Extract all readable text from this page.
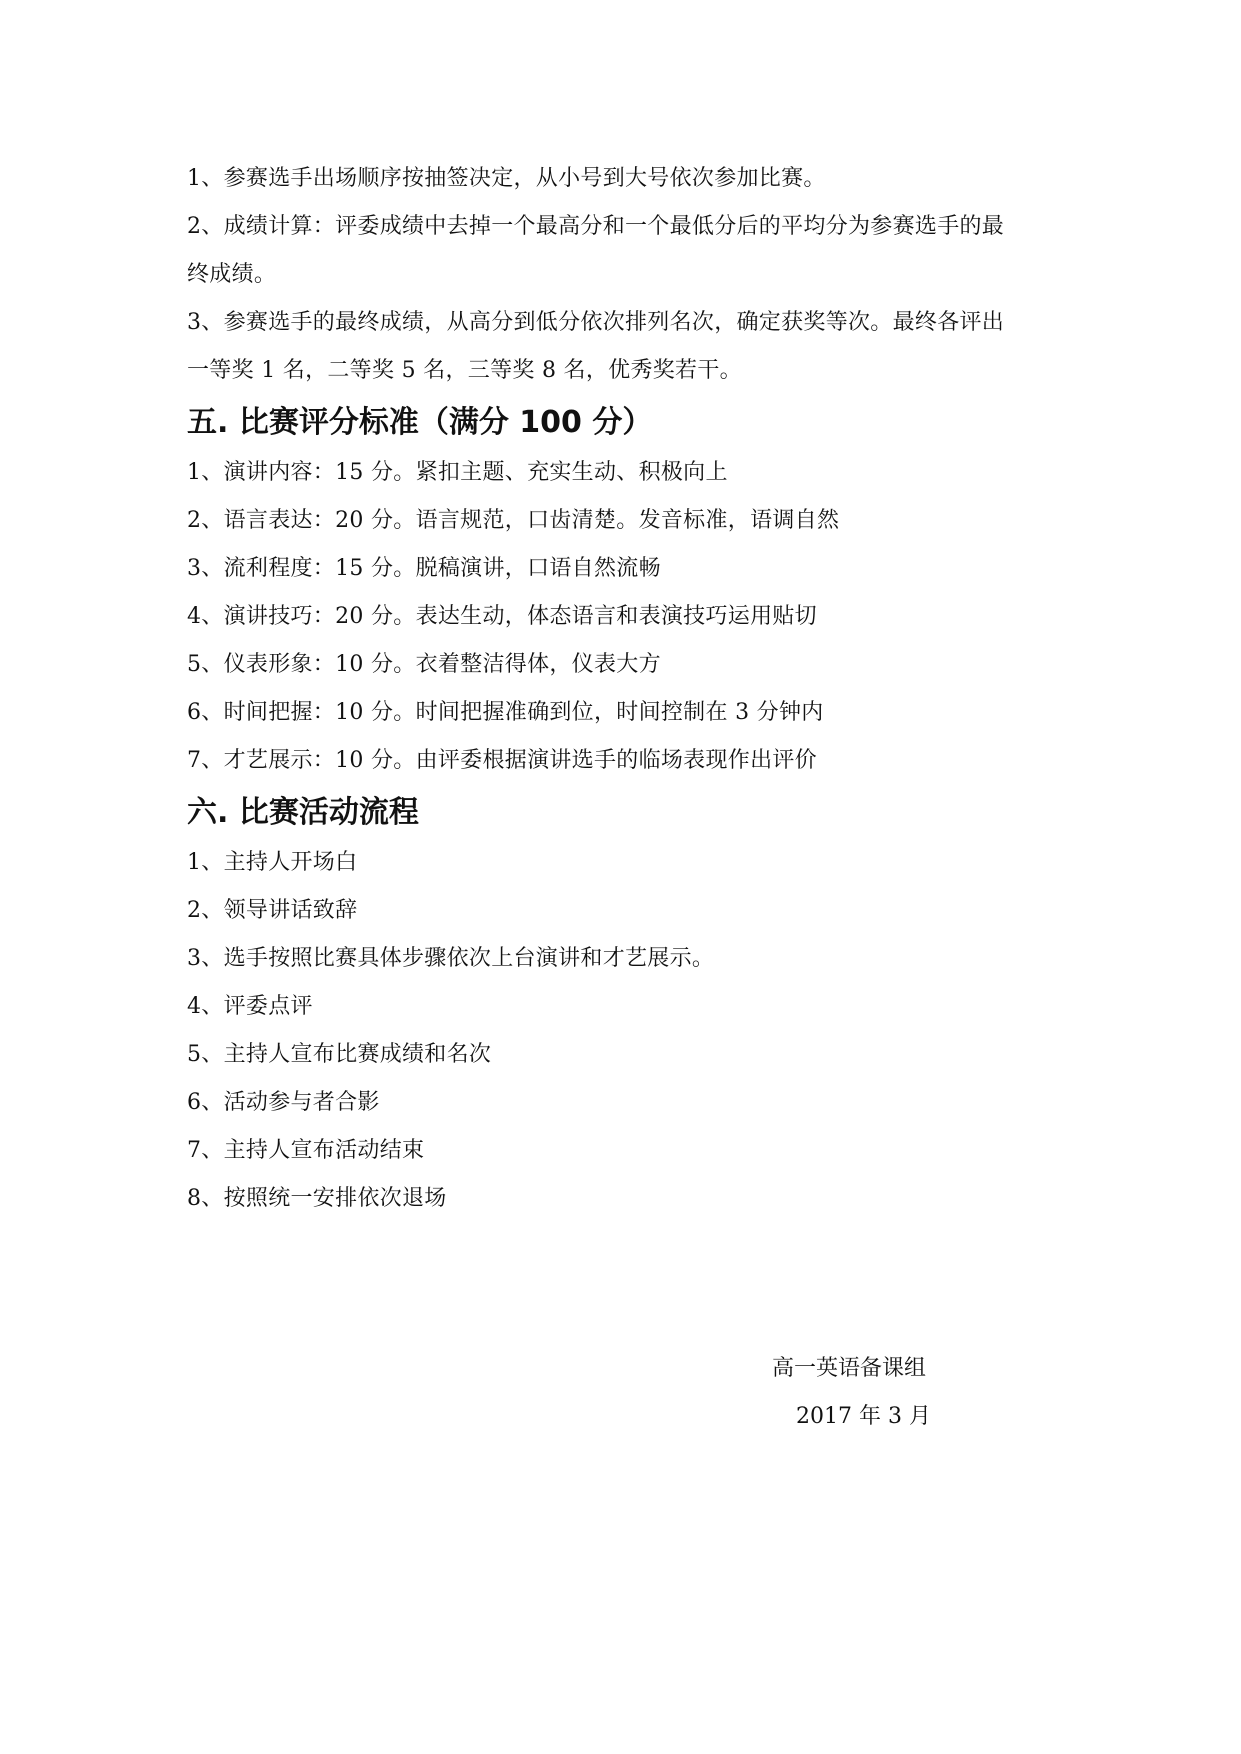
1、参赛选手出场顺序按抽签决定，从小号到大号依次参加比赛。

2、成绩计算：评委成绩中去掉一个最高分和一个最低分后的平均分为参赛选手的最
终成绩。

3、参赛选手的最终成绩，从高分到低分依次排列名次，确定获奖等次。最终各评出
一等奖 1 名，二等奖 5 名，三等奖 8 名，优秀奖若干。

五. 比赛评分标准（满分 100 分）

1、演讲内容：15 分。紧扣主题、充实生动、积极向上

2、语言表达：20 分。语言规范，口齿清楚。发音标准，语调自然

3、流利程度：15 分。脱稿演讲，口语自然流畅

4、演讲技巧：20 分。表达生动，体态语言和表演技巧运用贴切

5、仪表形象：10 分。衣着整洁得体，仪表大方

6、时间把握：10 分。时间把握准确到位，时间控制在 3 分钟内

7、才艺展示：10 分。由评委根据演讲选手的临场表现作出评价

六. 比赛活动流程

1、主持人开场白

2、领导讲话致辞

3、选手按照比赛具体步骤依次上台演讲和才艺展示。

4、评委点评

5、主持人宣布比赛成绩和名次

6、活动参与者合影

7、主持人宣布活动结束

8、按照统一安排依次退场

高一英语备课组

2017 年 3 月
